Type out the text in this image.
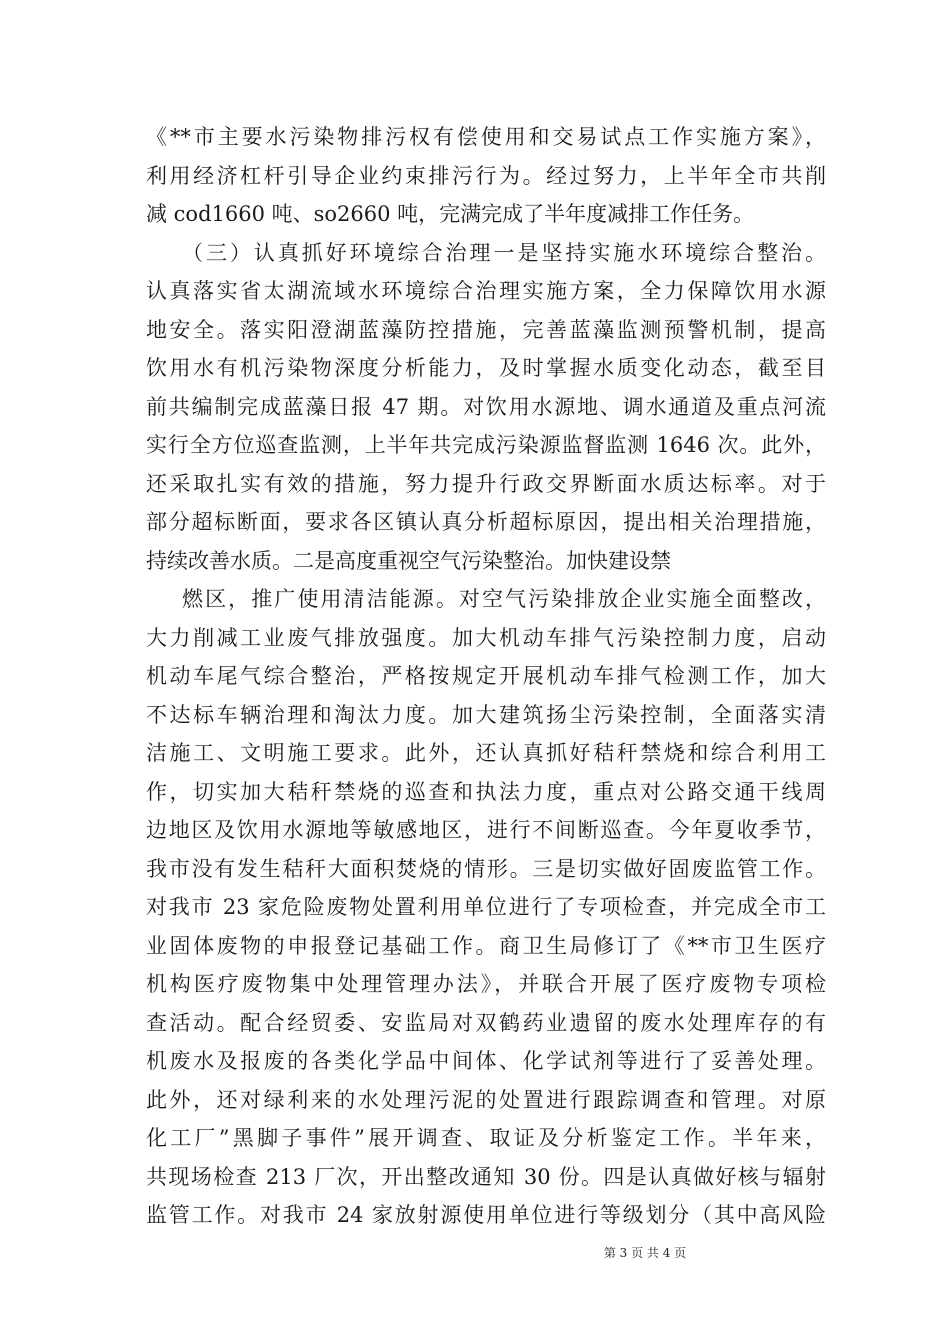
《**市主要水污染物排污权有偿使用和交易试点工作实施方案》，
利用经济杠杆引导企业约束排污行为。经过努力，上半年全市共削
减 cod1660 吨、so2660 吨，完满完成了半年度减排工作任务。
（三）认真抓好环境综合治理一是坚持实施水环境综合整治。
认真落实省太湖流域水环境综合治理实施方案，全力保障饮用水源
地安全。落实阳澄湖蓝藻防控措施，完善蓝藻监测预警机制，提高
饮用水有机污染物深度分析能力，及时掌握水质变化动态，截至目
前共编制完成蓝藻日报 47 期。对饮用水源地、调水通道及重点河流
实行全方位巡查监测，上半年共完成污染源监督监测 1646 次。此外，
还采取扎实有效的措施，努力提升行政交界断面水质达标率。对于
部分超标断面，要求各区镇认真分析超标原因，提出相关治理措施，
持续改善水质。二是高度重视空气污染整治。加快建设禁
燃区，推广使用清洁能源。对空气污染排放企业实施全面整改，
大力削减工业废气排放强度。加大机动车排气污染控制力度，启动
机动车尾气综合整治，严格按规定开展机动车排气检测工作，加大
不达标车辆治理和淘汰力度。加大建筑扬尘污染控制，全面落实清
洁施工、文明施工要求。此外，还认真抓好秸秆禁烧和综合利用工
作，切实加大秸秆禁烧的巡查和执法力度，重点对公路交通干线周
边地区及饮用水源地等敏感地区，进行不间断巡查。今年夏收季节，
我市没有发生秸秆大面积焚烧的情形。三是切实做好固废监管工作。
对我市 23 家危险废物处置利用单位进行了专项检查，并完成全市工
业固体废物的申报登记基础工作。商卫生局修订了《**市卫生医疗
机构医疗废物集中处理管理办法》，并联合开展了医疗废物专项检
查活动。配合经贸委、安监局对双鹤药业遗留的废水处理库存的有
机废水及报废的各类化学品中间体、化学试剂等进行了妥善处理。
此外，还对绿利来的水处理污泥的处置进行跟踪调查和管理。对原
化工厂”黑脚子事件”展开调查、取证及分析鉴定工作。半年来，
共现场检查 213 厂次，开出整改通知 30 份。四是认真做好核与辐射
监管工作。对我市 24 家放射源使用单位进行等级划分（其中高风险
第 3 页 共 4 页
